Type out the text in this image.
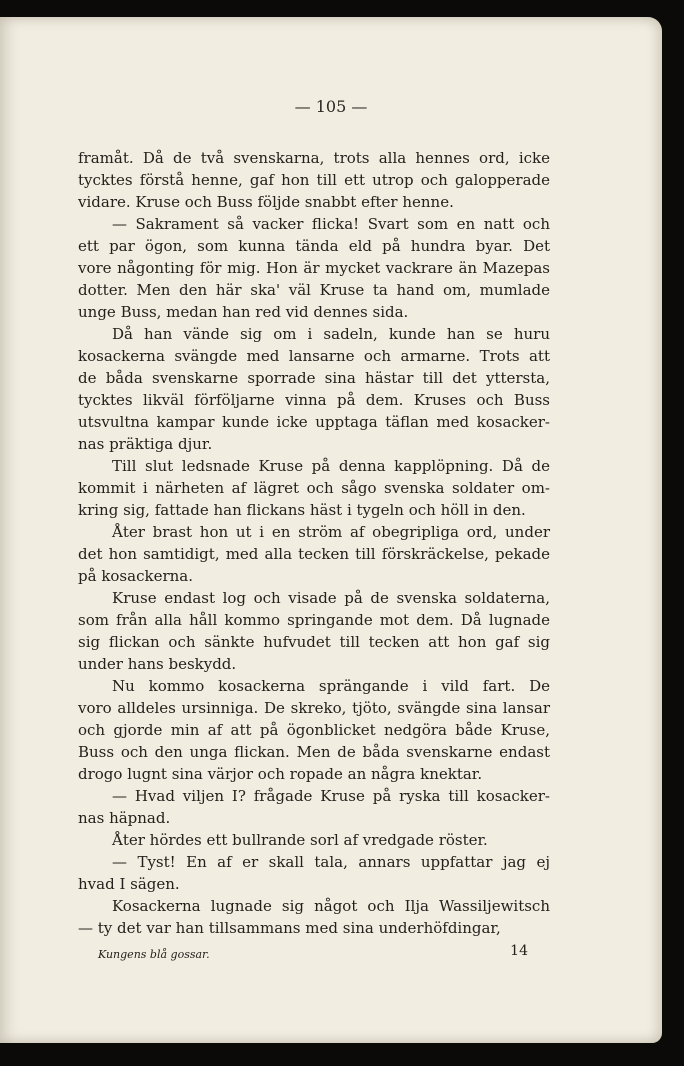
— 105 —

framåt. Då de två svenskarna, trots alla hennes ord, icke

tycktes förstå henne, gaf hon till ett utrop och galopperade

vidare. Kruse och Buss följde snabbt efter henne.

— Sakrament så vacker flicka! Svart som en natt och

ett par ögon, som kunna tända eld på hundra byar. Det

vore någonting för mig. Hon är mycket vackrare än Mazepas

dotter. Men den här ska' väl Kruse ta hand om, mumlade

unge Buss, medan han red vid dennes sida.

Då han vände sig om i sadeln, kunde han se huru

kosackerna svängde med lansarne och armarne. Trots att

de båda svenskarne sporrade sina hästar till det yttersta,

tycktes likväl förföljarne vinna på dem. Kruses och Buss

utsvultna kampar kunde icke upptaga täflan med kosacker-

nas präktiga djur.

Till slut ledsnade Kruse på denna kapplöpning. Då de

kommit i närheten af lägret och sågo svenska soldater om-

kring sig, fattade han flickans häst i tygeln och höll in den.

Åter brast hon ut i en ström af obegripliga ord, under

det hon samtidigt, med alla tecken till förskräckelse, pekade

på kosackerna.

Kruse endast log och visade på de svenska soldaterna,

som från alla håll kommo springande mot dem. Då lugnade

sig flickan och sänkte hufvudet till tecken att hon gaf sig

under hans beskydd.

Nu kommo kosackerna sprängande i vild fart. De

voro alldeles ursinniga. De skreko, tjöto, svängde sina lansar

och gjorde min af att på ögonblicket nedgöra både Kruse,

Buss och den unga flickan. Men de båda svenskarne endast

drogo lugnt sina värjor och ropade an några knektar.

— Hvad viljen I? frågade Kruse på ryska till kosacker-

nas häpnad.

Åter hördes ett bullrande sorl af vredgade röster.

— Tyst! En af er skall tala, annars uppfattar jag ej

hvad I sägen.

Kosackerna lugnade sig något och Ilja Wassiljewitsch

— ty det var han tillsammans med sina underhöfdingar,

Kungens blå gossar.	14
